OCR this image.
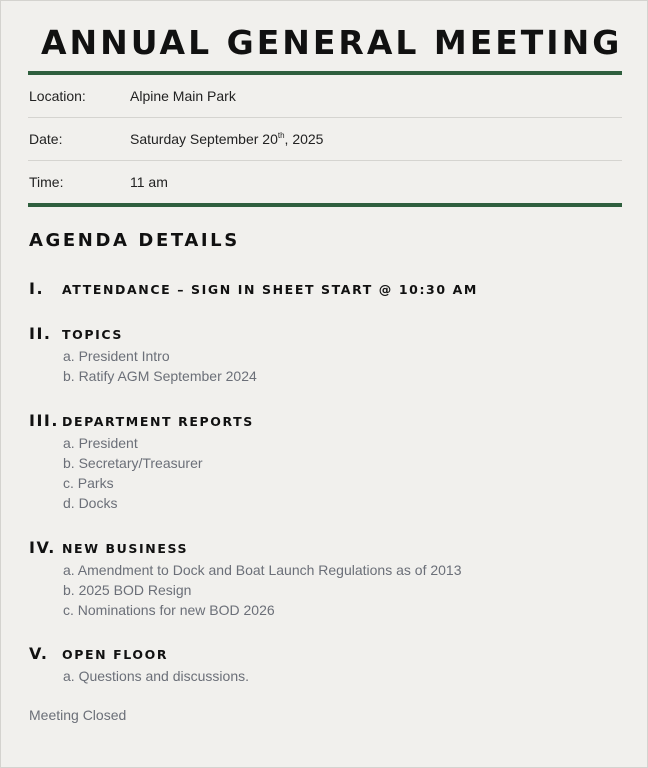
ANNUAL GENERAL MEETING
Location:	Alpine Main Park
Date:	Saturday September 20th, 2025
Time:	11 am
AGENDA DETAILS
I. ATTENDANCE – SIGN IN SHEET START @ 10:30 AM
II. TOPICS
a. President Intro
b. Ratify AGM September 2024
III. DEPARTMENT REPORTS
a. President
b. Secretary/Treasurer
c. Parks
d. Docks
IV. NEW BUSINESS
a. Amendment to Dock and Boat Launch Regulations as of 2013
b. 2025 BOD Resign
c. Nominations for new BOD 2026
V. OPEN FLOOR
a. Questions and discussions.
Meeting Closed
